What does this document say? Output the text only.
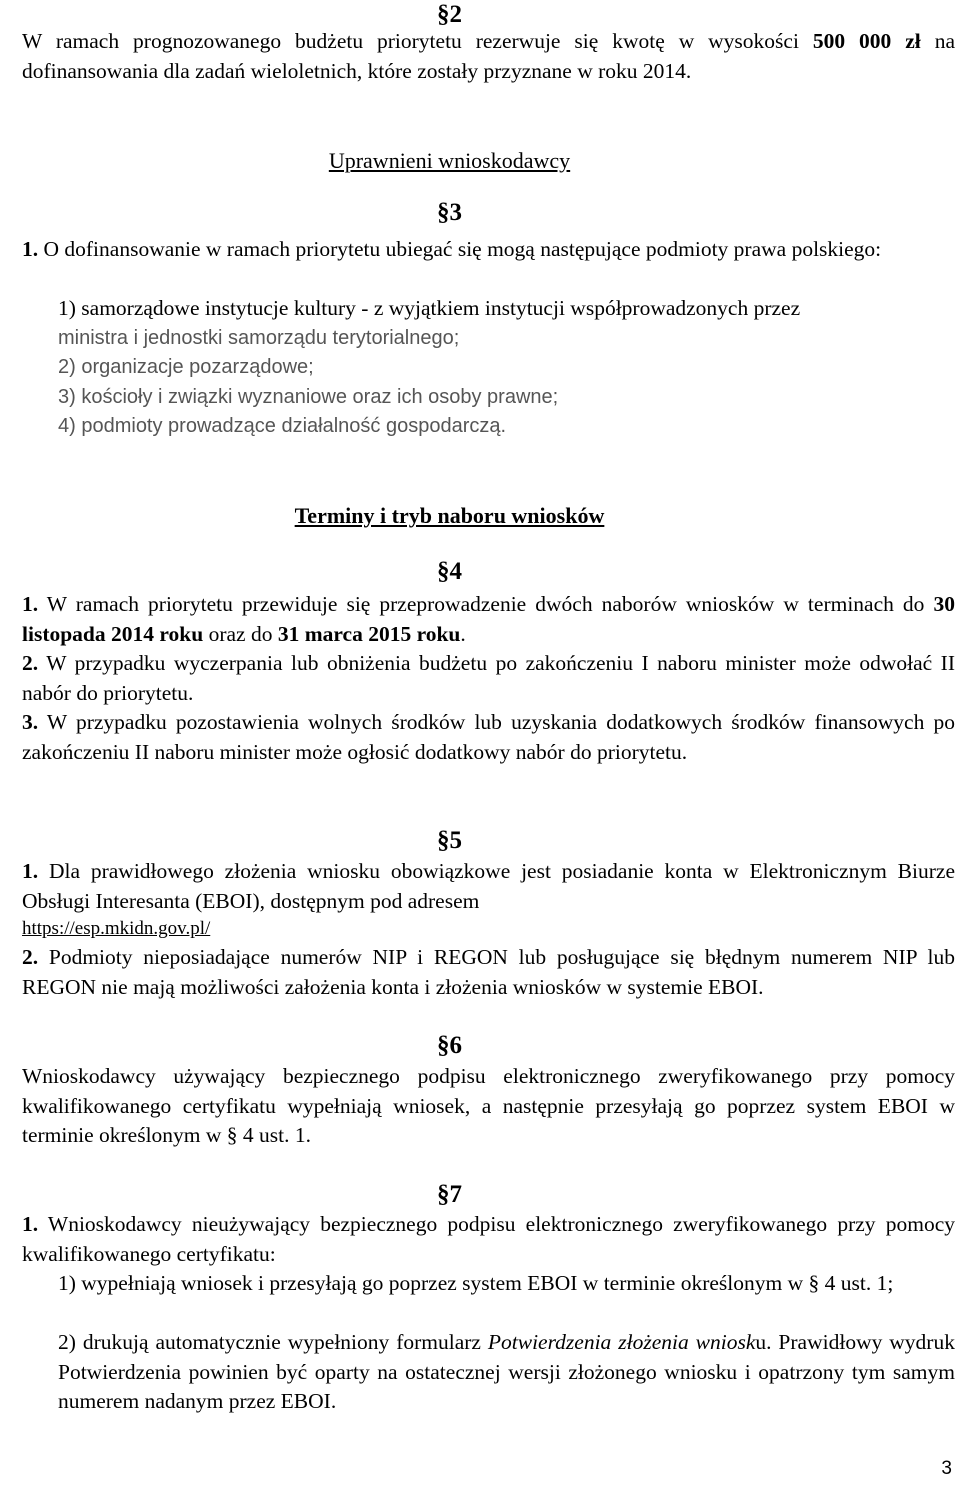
§2
W ramach prognozowanego budżetu priorytetu rezerwuje się kwotę w wysokości 500 000 zł na dofinansowania dla zadań wieloletnich, które zostały przyznane w roku 2014.
Uprawnieni wnioskodawcy
§3
1. O dofinansowanie w ramach priorytetu ubiegać się mogą następujące podmioty prawa polskiego:
1) samorządowe instytucje kultury - z wyjątkiem instytucji współprowadzonych przez
ministra i jednostki samorządu terytorialnego;
2) organizacje pozarządowe;
3) kościoły i związki wyznaniowe oraz ich osoby prawne;
4) podmioty prowadzące działalność gospodarczą.
Terminy i tryb naboru wniosków
§4
1. W ramach priorytetu przewiduje się przeprowadzenie dwóch naborów wniosków w terminach do 30 listopada 2014 roku oraz do 31 marca 2015 roku.
2. W przypadku wyczerpania lub obniżenia budżetu po zakończeniu I naboru minister może odwołać II nabór do priorytetu.
3. W przypadku pozostawienia wolnych środków lub uzyskania dodatkowych środków finansowych po zakończeniu II naboru minister może ogłosić dodatkowy nabór do priorytetu.
§5
1. Dla prawidłowego złożenia wniosku obowiązkowe jest posiadanie konta w Elektronicznym Biurze Obsługi Interesanta (EBOI), dostępnym pod adresem
https://esp.mkidn.gov.pl/
2. Podmioty nieposiadające numerów NIP i REGON lub posługujące się błędnym numerem NIP lub REGON nie mają możliwości założenia konta i złożenia wniosków w systemie EBOI.
§6
Wnioskodawcy używający bezpiecznego podpisu elektronicznego zweryfikowanego przy pomocy kwalifikowanego certyfikatu wypełniają wniosek, a następnie przesyłają go poprzez system EBOI w terminie określonym w § 4 ust. 1.
§7
1. Wnioskodawcy nieużywający bezpiecznego podpisu elektronicznego zweryfikowanego przy pomocy kwalifikowanego certyfikatu:
1) wypełniają wniosek i przesyłają go poprzez system EBOI w terminie określonym w § 4 ust. 1;
2) drukują automatycznie wypełniony formularz Potwierdzenia złożenia wniosku. Prawidłowy wydruk Potwierdzenia powinien być oparty na ostatecznej wersji złożonego wniosku i opatrzony tym samym numerem nadanym przez EBOI.
3
